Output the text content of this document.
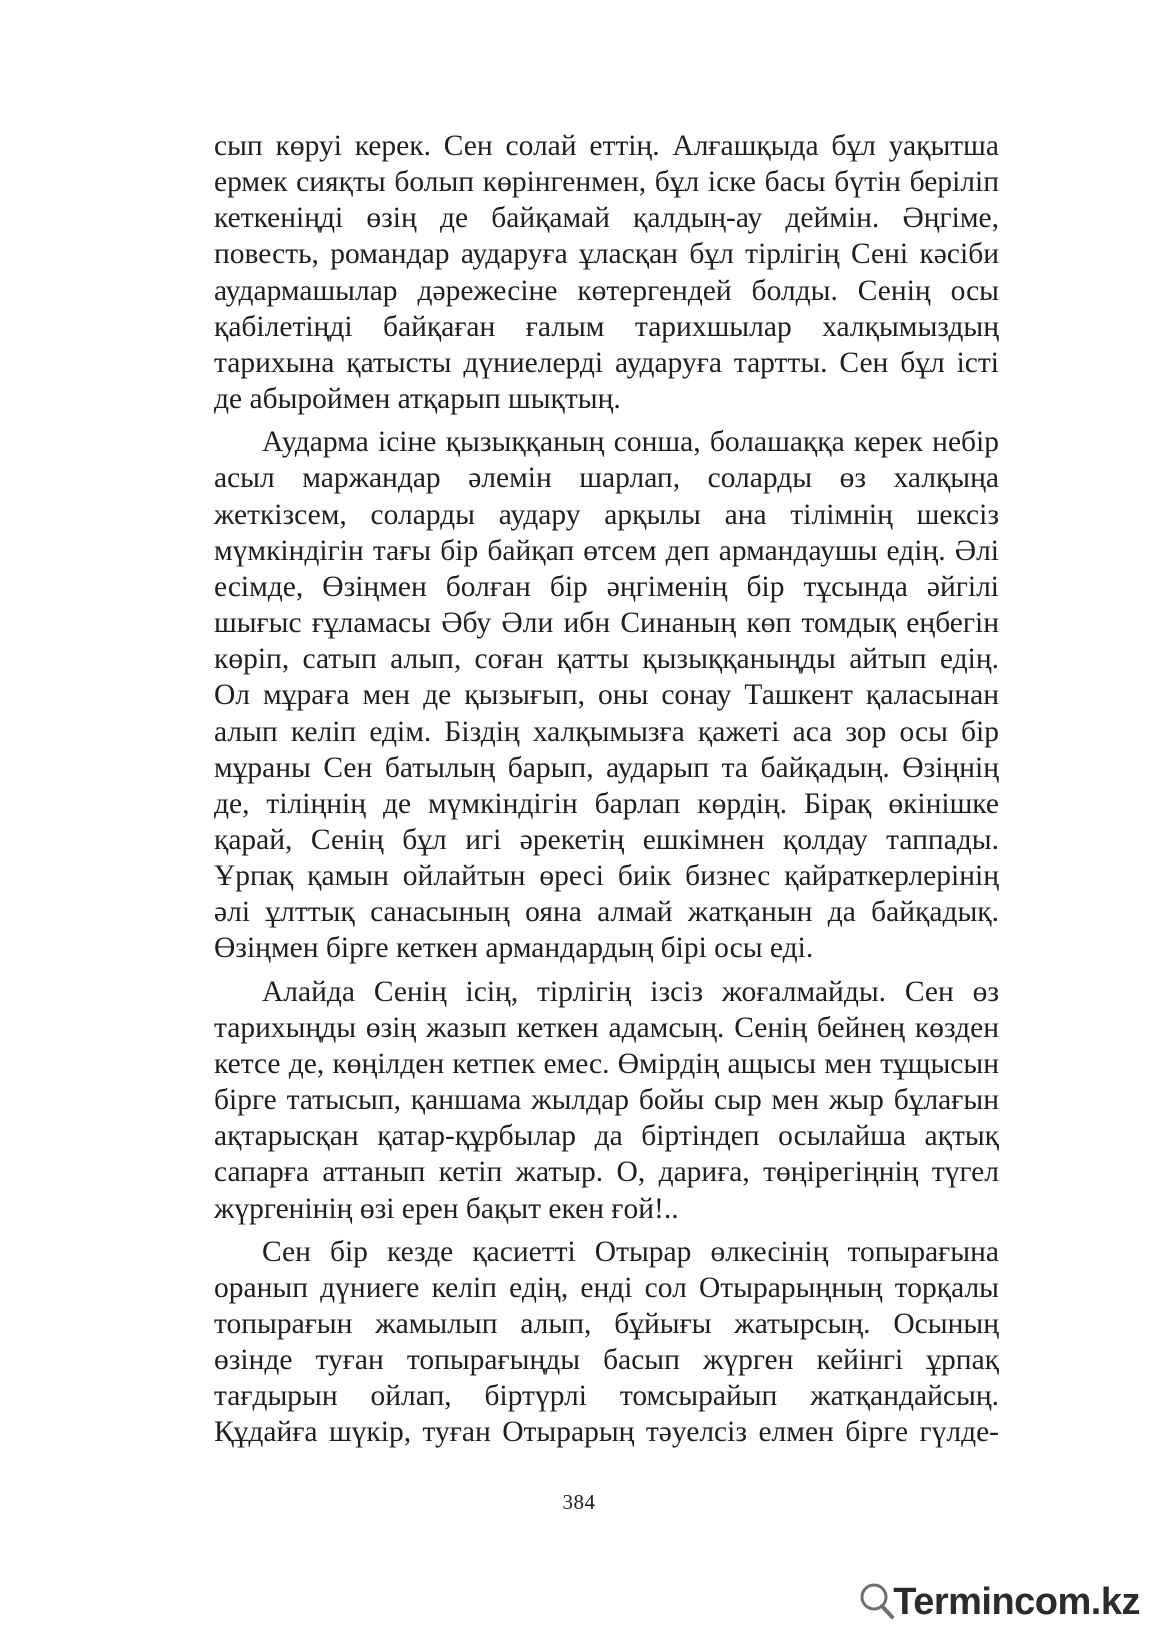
сып көруі керек. Сен солай еттің. Алғашқыда бұл уақытша ермек сияқты болып көрінгенмен, бұл іске басы бүтін беріліп кеткеніңді өзің де байқамай қалдың-ау деймін. Әңгіме, повесть, романдар аударуға ұласқан бұл тірлігің Сені кәсіби аудармашылар дәрежесіне көтергендей болды. Сенің осы қабілетіңді байқаған ғалым тарихшылар халқымыздың тарихына қатысты дүниелерді аударуға тартты. Сен бұл істі де абыроймен атқарып шықтың.

Аударма ісіне қызыққаның сонша, болашаққа керек небір асыл маржандар әлемін шарлап, соларды өз халқыңа жеткізсем, соларды аудару арқылы ана тілімнің шексіз мүмкіндігін тағы бір байқап өтсем деп армандаушы едің. Әлі есімде, Өзіңмен болған бір әңгіменің бір тұсында әйгілі шығыс ғұламасы Әбу Әли ибн Синаның көп томдық еңбегін көріп, сатып алып, соған қатты қызыққаныңды айтып едің. Ол мұраға мен де қызығып, оны сонау Ташкент қаласынан алып келіп едім. Біздің халқымызға қажеті аса зор осы бір мұраны Сен батылың барып, аударып та байқадың. Өзіңнің де, тіліңнің де мүмкіндігін барлап көрдің. Бірақ өкінішке қарай, Сенің бұл игі әрекетің ешкімнен қолдау таппады. Ұрпақ қамын ойлайтын өресі биік бизнес қайраткерлерінің әлі ұлттық санасының ояна алмай жатқанын да байқадық. Өзіңмен бірге кеткен армандардың бірі осы еді.

Алайда Сенің ісің, тірлігің ізсіз жоғалмайды. Сен өз тарихыңды өзің жазып кеткен адамсың. Сенің бейнең көзден кетсе де, көңілден кетпек емес. Өмірдің ащысы мен тұщысын бірге татысып, қаншама жылдар бойы сыр мен жыр бұлағын ақтарысқан қатар-құрбылар да біртіндеп осылайша ақтық сапарға аттанып кетіп жатыр. О, дариға, төңірегіңнің түгел жүргенінің өзі ерен бақыт екен ғой!..

Сен бір кезде қасиетті Отырар өлкесінің топырағына оранып дүниеге келіп едің, енді сол Отырарыңның торқалы топырағын жамылып алып, бұйығы жатырсың. Осының өзінде туған топырағыңды басып жүрген кейінгі ұрпақ тағдырын ойлап, біртүрлі томсырайып жатқандайсың. Құдайға шүкір, туған Отырарың тәуелсіз елмен бірге гүлде-

384
Termincom.kz
